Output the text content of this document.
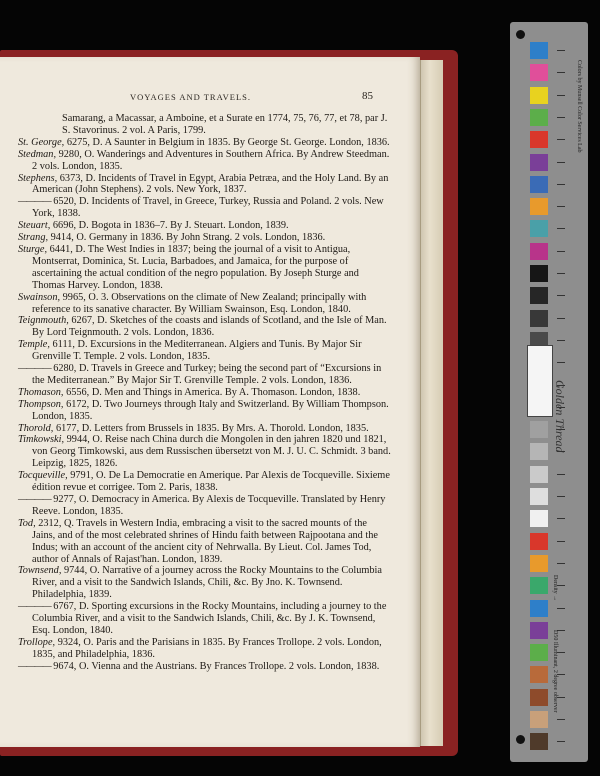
VOYAGES AND TRAVELS.	85

Samarang, a Macassar, a Amboine, et a Surate en 1774, 75, 76, 77, et 78, par J. S. Stavorinus. 2 vol. A Paris, 1799.

St. George, 6275, D. A Saunter in Belgium in 1835. By George St. George. London, 1836.

Stedman, 9280, O. Wanderings and Adventures in Southern Africa. By Andrew Steedman. 2 vols. London, 1835.

Stephens, 6373, D. Incidents of Travel in Egypt, Arabia Petræa, and the Holy Land. By an American (John Stephens). 2 vols. New York, 1837.

———— 6520, D. Incidents of Travel, in Greece, Turkey, Russia and Poland. 2 vols. New York, 1838.

Steuart, 6696, D. Bogota in 1836–7. By J. Steuart. London, 1839.

Strang, 9414, O. Germany in 1836. By John Strang. 2 vols. London, 1836.

Sturge, 6441, D. The West Indies in 1837; being the journal of a visit to Antigua, Montserrat, Dominica, St. Lucia, Barbadoes, and Jamaica, for the purpose of ascertaining the actual condition of the negro population. By Joseph Sturge and Thomas Harvey. London, 1838.

Swainson, 9965, O. 3. Observations on the climate of New Zealand; principally with reference to its sanative character. By William Swainson, Esq. London, 1840.

Teignmouth, 6267, D. Sketches of the coasts and islands of Scotland, and the Isle of Man. By Lord Teignmouth. 2 vols. London, 1836.

Temple, 6111, D. Excursions in the Mediterranean. Algiers and Tunis. By Major Sir Grenville T. Temple. 2 vols. London, 1835.

———— 6280, D. Travels in Greece and Turkey; being the second part of “Excursions in the Mediterranean.” By Major Sir T. Grenville Temple. 2 vols. London, 1836.

Thomason, 6556, D. Men and Things in America. By A. Thomason. London, 1838.

Thompson, 6172, D. Two Journeys through Italy and Switzerland. By William Thompson. London, 1835.

Thorold, 6177, D. Letters from Brussels in 1835. By Mrs. A. Thorold. London, 1835.

Timkowski, 9944, O. Reise nach China durch die Mongolen in den jahren 1820 und 1821, von Georg Timkowski, aus dem Russischen übersetzt von M. J. U. C. Schmidt. 3 band. Leipzig, 1825, 1826.

Tocqueville, 9791, O. De La Democratie en Amerique. Par Alexis de Tocqueville. Sixieme édition revue et corrigee. Tom 2. Paris, 1838.

———— 9277, O. Democracy in America. By Alexis de Tocqueville. Translated by Henry Reeve. London, 1835.

Tod, 2312, Q. Travels in Western India, embracing a visit to the sacred mounts of the Jains, and of the most celebrated shrines of Hindu faith between Rajpootana and the Indus; with an account of the ancient city of Nehrwalla. By Lieut. Col. James Tod, author of Annals of Rajast'han. London, 1839.

Townsend, 9744, O. Narrative of a journey across the Rocky Mountains to the Columbia River, and a visit to the Sandwich Islands, Chili, &c. By Jno. K. Townsend. Philadelphia, 1839.

———— 6767, D. Sporting excursions in the Rocky Mountains, including a journey to the Columbia River, and a visit to the Sandwich Islands, Chili, &c. By J. K. Townsend, Esq. London, 1840.

Trollope, 9324, O. Paris and the Parisians in 1835. By Frances Trollope. 2 vols. London, 1835, and Philadelphia, 1836.

———— 9674, O. Vienna and the Austrians. By Frances Trollope. 2 vols. London, 1838.

Colors by Munsell Color Services Lab
Golden Thread
Density →
D50 Illuminant, 2 degree observer
